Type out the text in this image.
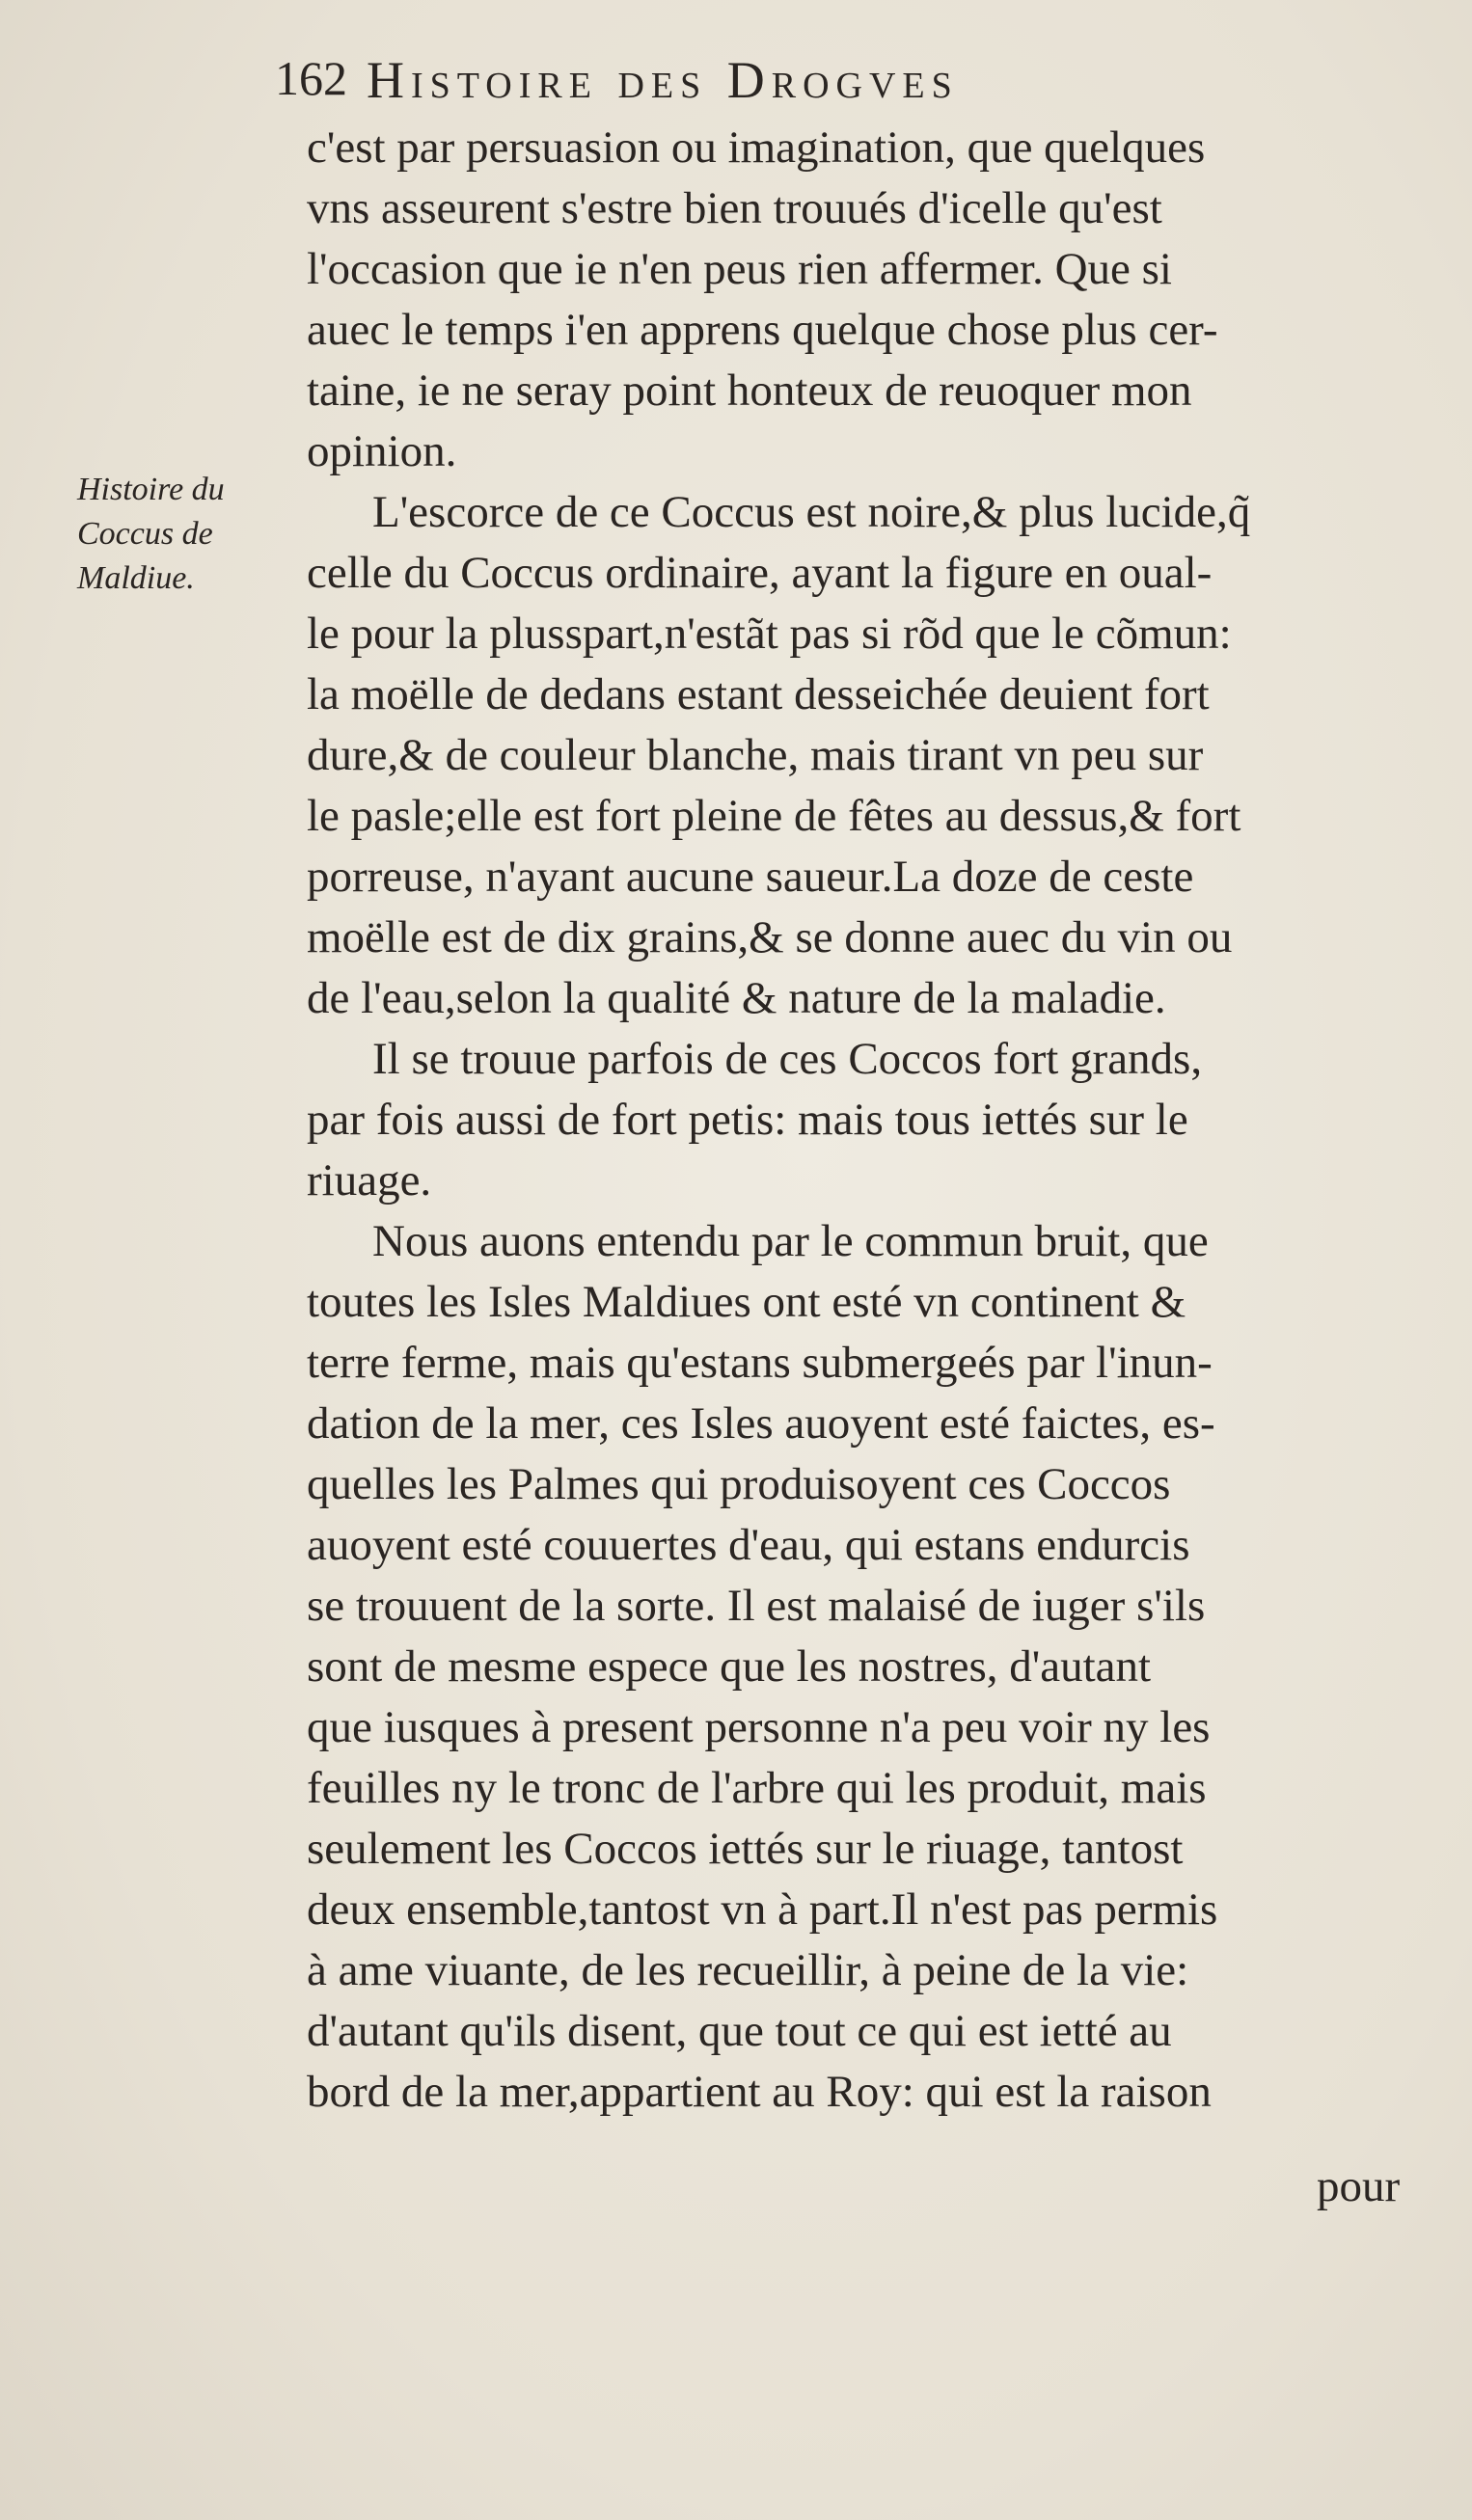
162 Histoire des Drogves

Histoire du
Coccus de
Maldiue.

c'est par persuasion ou imagination, que quelques
vns asseurent s'estre bien trouués d'icelle qu'est
l'occasion que ie n'en peus rien affermer. Que si
auec le temps i'en apprens quelque chose plus cer-
taine, ie ne seray point honteux de reuoquer mon
opinion.

L'escorce de ce Coccus est noire,& plus lucide,q̃
celle du Coccus ordinaire, ayant la figure en oual-
le pour la plusspart,n'estãt pas si rõd que le cõmun:
la moëlle de dedans estant desseichée deuient fort
dure,& de couleur blanche, mais tirant vn peu sur
le pasle;elle est fort pleine de fêtes au dessus,& fort
porreuse, n'ayant aucune saueur.La doze de ceste
moëlle est de dix grains,& se donne auec du vin ou
de l'eau,selon la qualité & nature de la maladie.

Il se trouue parfois de ces Coccos fort grands,
par fois aussi de fort petis: mais tous iettés sur le
riuage.

Nous auons entendu par le commun bruit, que
toutes les Isles Maldiues ont esté vn continent &
terre ferme, mais qu'estans submergeés par l'inun-
dation de la mer, ces Isles auoyent esté faictes, es-
quelles les Palmes qui produisoyent ces Coccos
auoyent esté couuertes d'eau, qui estans endurcis
se trouuent de la sorte. Il est malaisé de iuger s'ils
sont de mesme espece que les nostres, d'autant
que iusques à present personne n'a peu voir ny les
feuilles ny le tronc de l'arbre qui les produit, mais
seulement les Coccos iettés sur le riuage, tantost
deux ensemble,tantost vn à part.Il n'est pas permis
à ame viuante, de les recueillir, à peine de la vie:
d'autant qu'ils disent, que tout ce qui est ietté au
bord de la mer,appartient au Roy: qui est la raison

pour
